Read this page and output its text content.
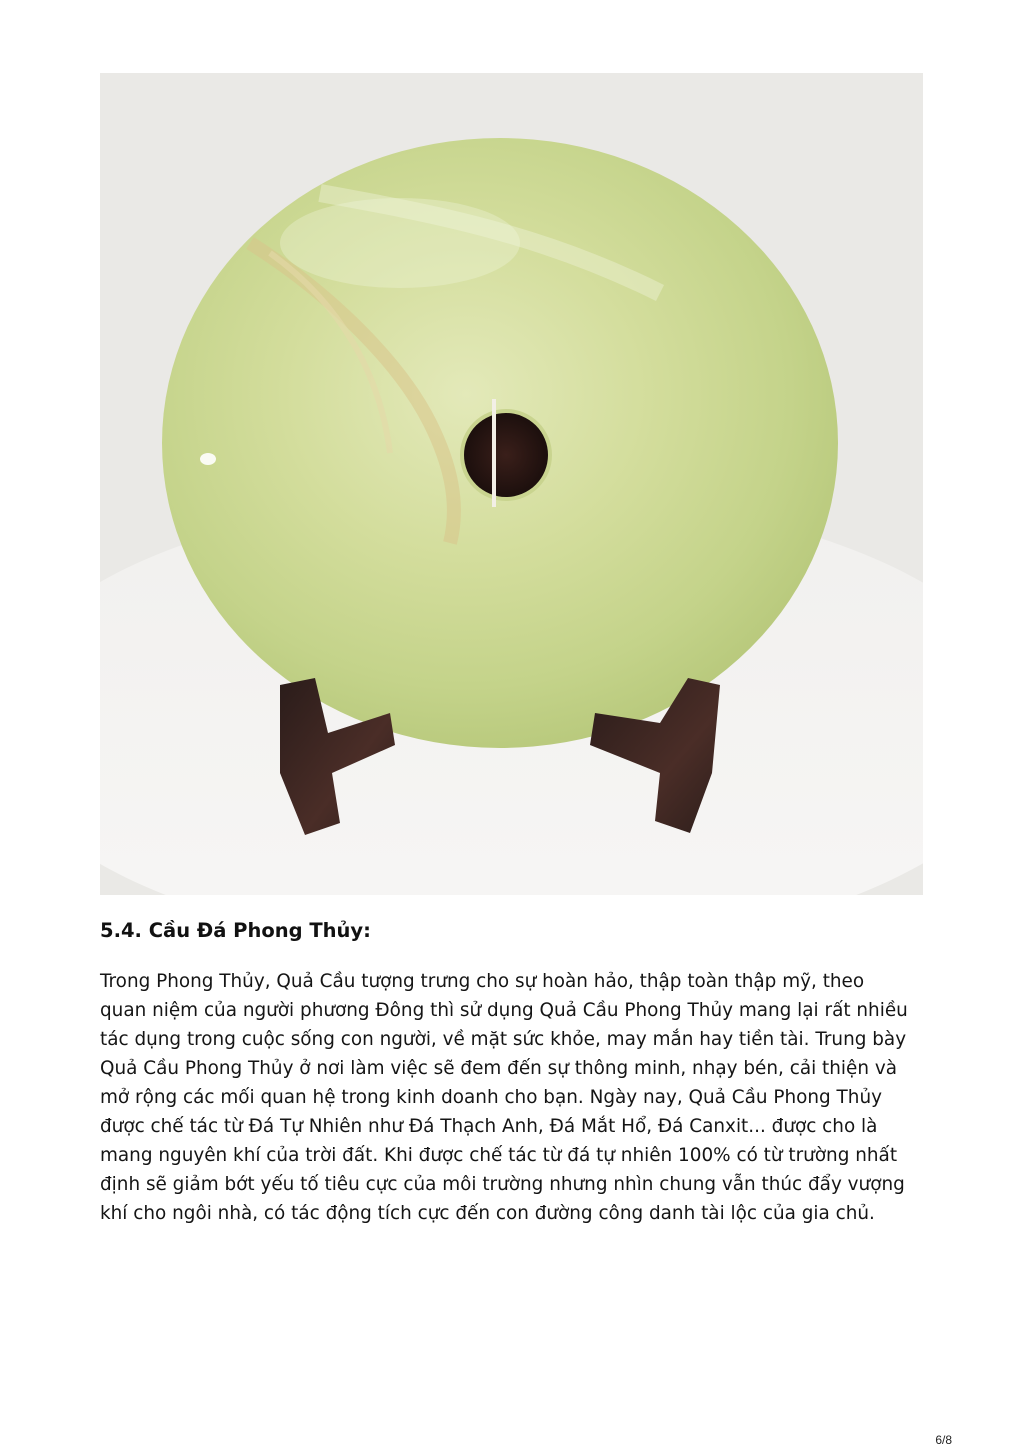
5.4. Cầu Đá Phong Thủy:

Trong Phong Thủy, Quả Cầu tượng trưng cho sự hoàn hảo, thập toàn thập mỹ, theo
quan niệm của người phương Đông thì sử dụng Quả Cầu Phong Thủy mang lại rất nhiều
tác dụng trong cuộc sống con người, về mặt sức khỏe, may mắn hay tiền tài. Trung bày
Quả Cầu Phong Thủy ở nơi làm việc sẽ đem đến sự thông minh, nhạy bén, cải thiện và
mở rộng các mối quan hệ trong kinh doanh cho bạn. Ngày nay, Quả Cầu Phong Thủy
được chế tác từ Đá Tự Nhiên như Đá Thạch Anh, Đá Mắt Hổ, Đá Canxit... được cho là
mang nguyên khí của trời đất. Khi được chế tác từ đá tự nhiên 100% có từ trường nhất
định sẽ giảm bớt yếu tố tiêu cực của môi trường nhưng nhìn chung vẫn thúc đẩy vượng
khí cho ngôi nhà, có tác động tích cực đến con đường công danh tài lộc của gia chủ.

6/8
